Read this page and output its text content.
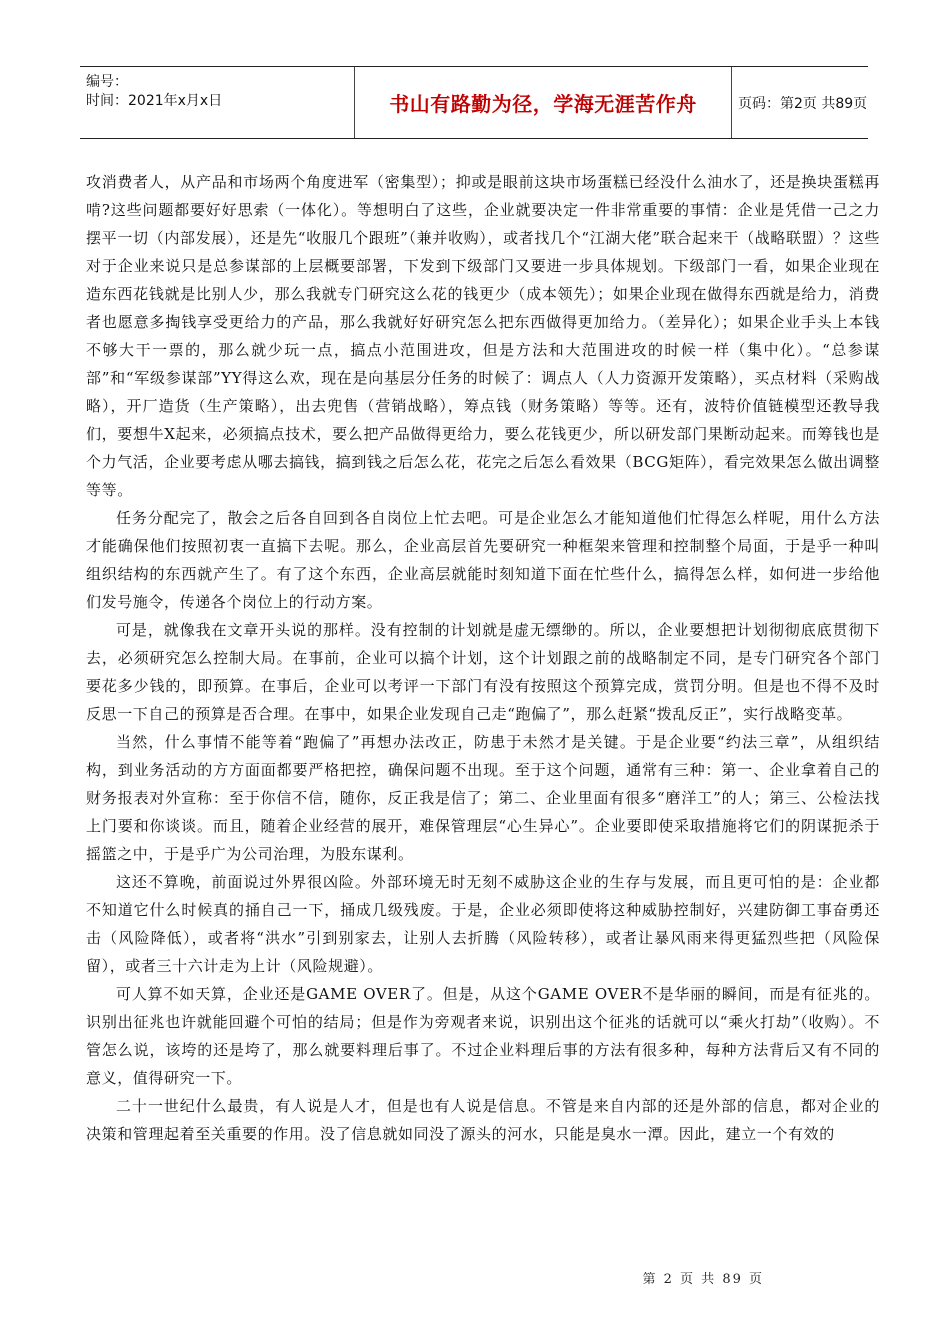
编号：
时间：2021年x月x日	书山有路勤为径，学海无涯苦作舟	页码：第2页 共89页

攻消费者人，从产品和市场两个角度进军（密集型）；抑或是眼前这块市场蛋糕已经没什么油水了，还是换块蛋糕再啃?这些问题都要好好思索（一体化）。等想明白了这些，企业就要决定一件非常重要的事情：企业是凭借一己之力摆平一切（内部发展），还是先“收服几个跟班”（兼并收购），或者找几个“江湖大佬”联合起来干（战略联盟）？这些对于企业来说只是总参谋部的上层概要部署，下发到下级部门又要进一步具体规划。下级部门一看，如果企业现在造东西花钱就是比别人少，那么我就专门研究这么花的钱更少（成本领先）；如果企业现在做得东西就是给力，消费者也愿意多掏钱享受更给力的产品，那么我就好好研究怎么把东西做得更加给力。（差异化）；如果企业手头上本钱不够大干一票的，那么就少玩一点，搞点小范围进攻，但是方法和大范围进攻的时候一样（集中化）。“总参谋部”和“军级参谋部”YY得这么欢，现在是向基层分任务的时候了：调点人（人力资源开发策略），买点材料（采购战略），开厂造货（生产策略），出去兜售（营销战略），筹点钱（财务策略）等等。还有，波特价值链模型还教导我们，要想牛X起来，必须搞点技术，要么把产品做得更给力，要么花钱更少，所以研发部门果断动起来。而筹钱也是个力气活，企业要考虑从哪去搞钱，搞到钱之后怎么花，花完之后怎么看效果（BCG矩阵），看完效果怎么做出调整等等。

任务分配完了，散会之后各自回到各自岗位上忙去吧。可是企业怎么才能知道他们忙得怎么样呢，用什么方法才能确保他们按照初衷一直搞下去呢。那么，企业高层首先要研究一种框架来管理和控制整个局面，于是乎一种叫组织结构的东西就产生了。有了这个东西，企业高层就能时刻知道下面在忙些什么，搞得怎么样，如何进一步给他们发号施令，传递各个岗位上的行动方案。

可是，就像我在文章开头说的那样。没有控制的计划就是虚无缥缈的。所以，企业要想把计划彻彻底底贯彻下去，必须研究怎么控制大局。在事前，企业可以搞个计划，这个计划跟之前的战略制定不同，是专门研究各个部门要花多少钱的，即预算。在事后，企业可以考评一下部门有没有按照这个预算完成，赏罚分明。但是也不得不及时反思一下自己的预算是否合理。在事中，如果企业发现自己走“跑偏了”，那么赶紧“拨乱反正”，实行战略变革。

当然，什么事情不能等着“跑偏了”再想办法改正，防患于未然才是关键。于是企业要“约法三章”，从组织结构，到业务活动的方方面面都要严格把控，确保问题不出现。至于这个问题，通常有三种：第一、企业拿着自己的财务报表对外宣称：至于你信不信，随你，反正我是信了；第二、企业里面有很多“磨洋工”的人；第三、公检法找上门要和你谈谈。而且，随着企业经营的展开，难保管理层“心生异心”。企业要即使采取措施将它们的阴谋扼杀于摇篮之中，于是乎广为公司治理，为股东谋利。

这还不算晚，前面说过外界很凶险。外部环境无时无刻不威胁这企业的生存与发展，而且更可怕的是：企业都不知道它什么时候真的捅自己一下，捅成几级残废。于是，企业必须即使将这种威胁控制好，兴建防御工事奋勇还击（风险降低），或者将“洪水”引到别家去，让别人去折腾（风险转移），或者让暴风雨来得更猛烈些把（风险保留），或者三十六计走为上计（风险规避）。

可人算不如天算，企业还是GAME OVER了。但是，从这个GAME OVER不是华丽的瞬间，而是有征兆的。识别出征兆也许就能回避个可怕的结局；但是作为旁观者来说，识别出这个征兆的话就可以“乘火打劫”（收购）。不管怎么说，该垮的还是垮了，那么就要料理后事了。不过企业料理后事的方法有很多种，每种方法背后又有不同的意义，值得研究一下。

二十一世纪什么最贵，有人说是人才，但是也有人说是信息。不管是来自内部的还是外部的信息，都对企业的决策和管理起着至关重要的作用。没了信息就如同没了源头的河水，只能是臭水一潭。因此，建立一个有效的

第 2 页 共 89 页
